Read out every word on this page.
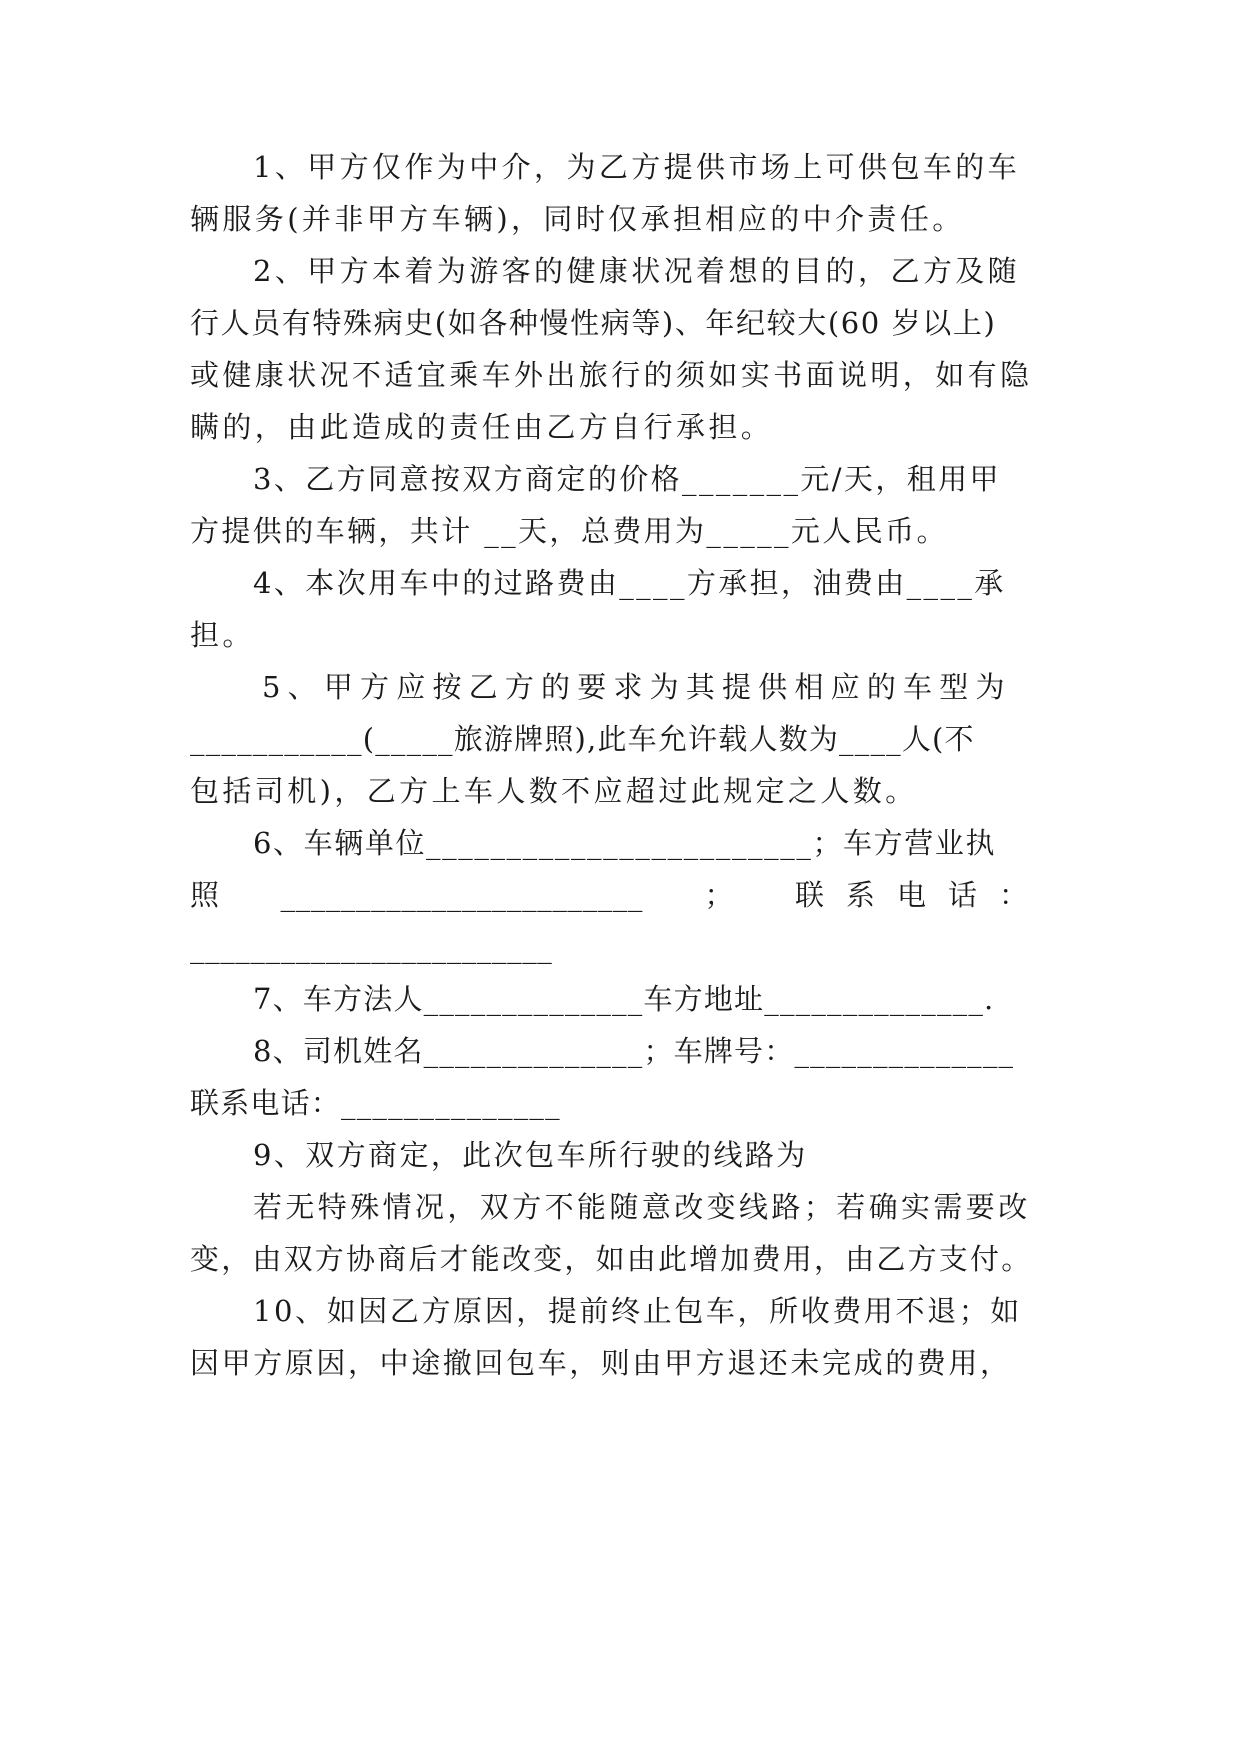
1、甲方仅作为中介，为乙方提供市场上可供包车的车
辆服务(并非甲方车辆)，同时仅承担相应的中介责任。
2、甲方本着为游客的健康状况着想的目的，乙方及随
行人员有特殊病史(如各种慢性病等)、年纪较大(60 岁以上)
或健康状况不适宜乘车外出旅行的须如实书面说明，如有隐
瞒的，由此造成的责任由乙方自行承担。
3、乙方同意按双方商定的价格_______元/天，租用甲
方提供的车辆，共计 __天，总费用为_____元人民币。
4、本次用车中的过路费由____方承担，油费由____承
担。
5、甲方应按乙方的要求为其提供相应的车型为
___________(_____旅游牌照),此车允许载人数为____人(不
包括司机)，乙方上车人数不应超过此规定之人数。
6、车辆单位________________________；车方营业执
照 ________________________ ； 联系电话：
________________________
7、车方法人______________车方地址______________.
8、司机姓名______________；车牌号：______________
联系电话：______________
9、双方商定，此次包车所行驶的线路为
若无特殊情况，双方不能随意改变线路；若确实需要改
变，由双方协商后才能改变，如由此增加费用，由乙方支付。
10、如因乙方原因，提前终止包车，所收费用不退；如
因甲方原因，中途撤回包车，则由甲方退还未完成的费用，
